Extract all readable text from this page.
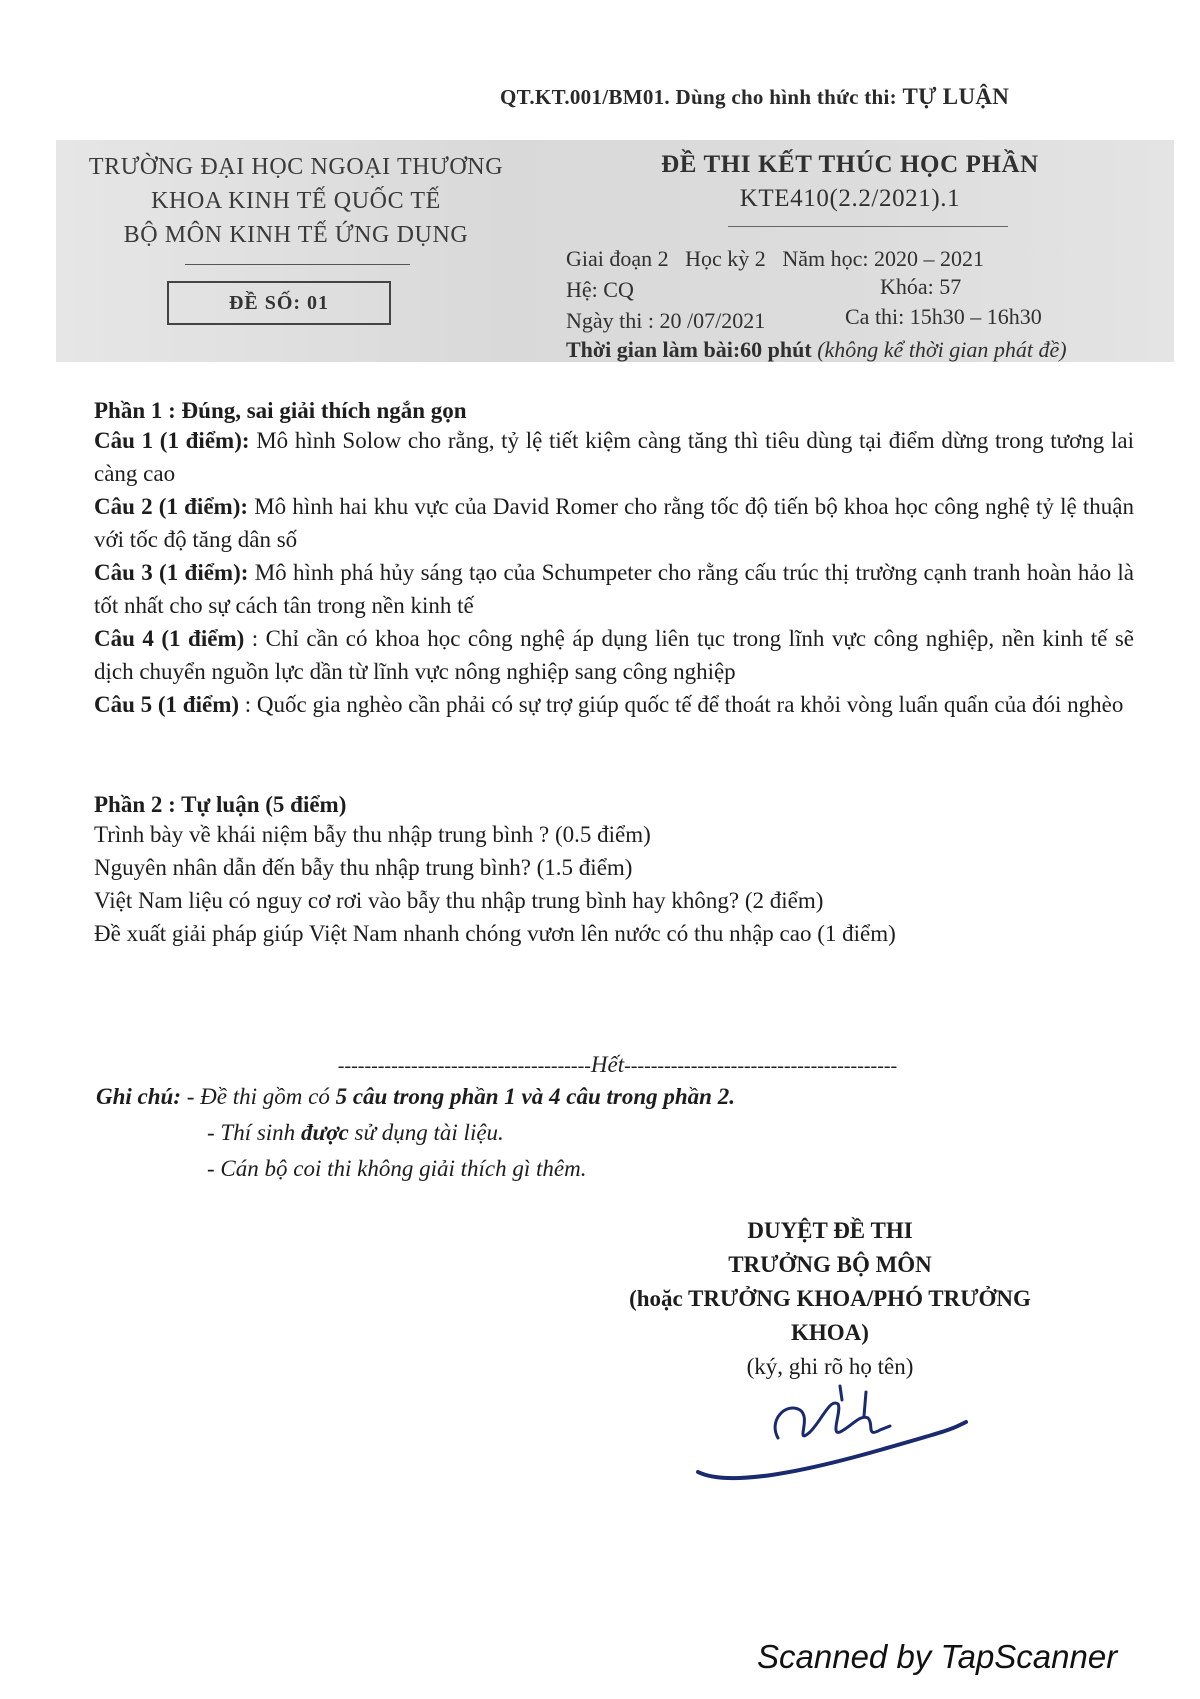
QT.KT.001/BM01. Dùng cho hình thức thi: TỰ LUẬN
TRƯỜNG ĐẠI HỌC NGOẠI THƯƠNG
KHOA KINH TẾ QUỐC TẾ
BỘ MÔN KINH TẾ ỨNG DỤNG
ĐỀ SỐ: 01
ĐỀ THI KẾT THÚC HỌC PHẦN
KTE410(2.2/2021).1
Giai đoạn 2 Học kỳ 2 Năm học: 2020 – 2021
Hệ: CQ	Khóa: 57
Ngày thi : 20 /07/2021	Ca thi: 15h30 – 16h30
Thời gian làm bài:60 phút (không kể thời gian phát đề)
Phần 1 : Đúng, sai giải thích ngắn gọn

Câu 1 (1 điểm): Mô hình Solow cho rằng, tỷ lệ tiết kiệm càng tăng thì tiêu dùng tại điểm dừng trong tương lai càng cao

Câu 2 (1 điểm): Mô hình hai khu vực của David Romer cho rằng tốc độ tiến bộ khoa học công nghệ tỷ lệ thuận với tốc độ tăng dân số

Câu 3 (1 điểm): Mô hình phá hủy sáng tạo của Schumpeter cho rằng cấu trúc thị trường cạnh tranh hoàn hảo là tốt nhất cho sự cách tân trong nền kinh tế

Câu 4 (1 điểm) : Chỉ cần có khoa học công nghệ áp dụng liên tục trong lĩnh vực công nghiệp, nền kinh tế sẽ dịch chuyển nguồn lực dần từ lĩnh vực nông nghiệp sang công nghiệp

Câu 5 (1 điểm) : Quốc gia nghèo cần phải có sự trợ giúp quốc tế để thoát ra khỏi vòng luẩn quẩn của đói nghèo

Phần 2 : Tự luận (5 điểm)

Trình bày về khái niệm bẫy thu nhập trung bình ? (0.5 điểm)

Nguyên nhân dẫn đến bẫy thu nhập trung bình? (1.5 điểm)

Việt Nam liệu có nguy cơ rơi vào bẫy thu nhập trung bình hay không? (2 điểm)

Đề xuất giải pháp giúp Việt Nam nhanh chóng vươn lên nước có thu nhập cao (1 điểm)

--------------------------------------Hết-----------------------------------------
Ghi chú: - Đề thi gồm có 5 câu trong phần 1 và 4 câu trong phần 2.
- Thí sinh được sử dụng tài liệu.
- Cán bộ coi thi không giải thích gì thêm.
DUYỆT ĐỀ THI
TRƯỞNG BỘ MÔN
(hoặc TRƯỞNG KHOA/PHÓ TRƯỞNG
KHOA)
(ký, ghi rõ họ tên)
Scanned by TapScanner
